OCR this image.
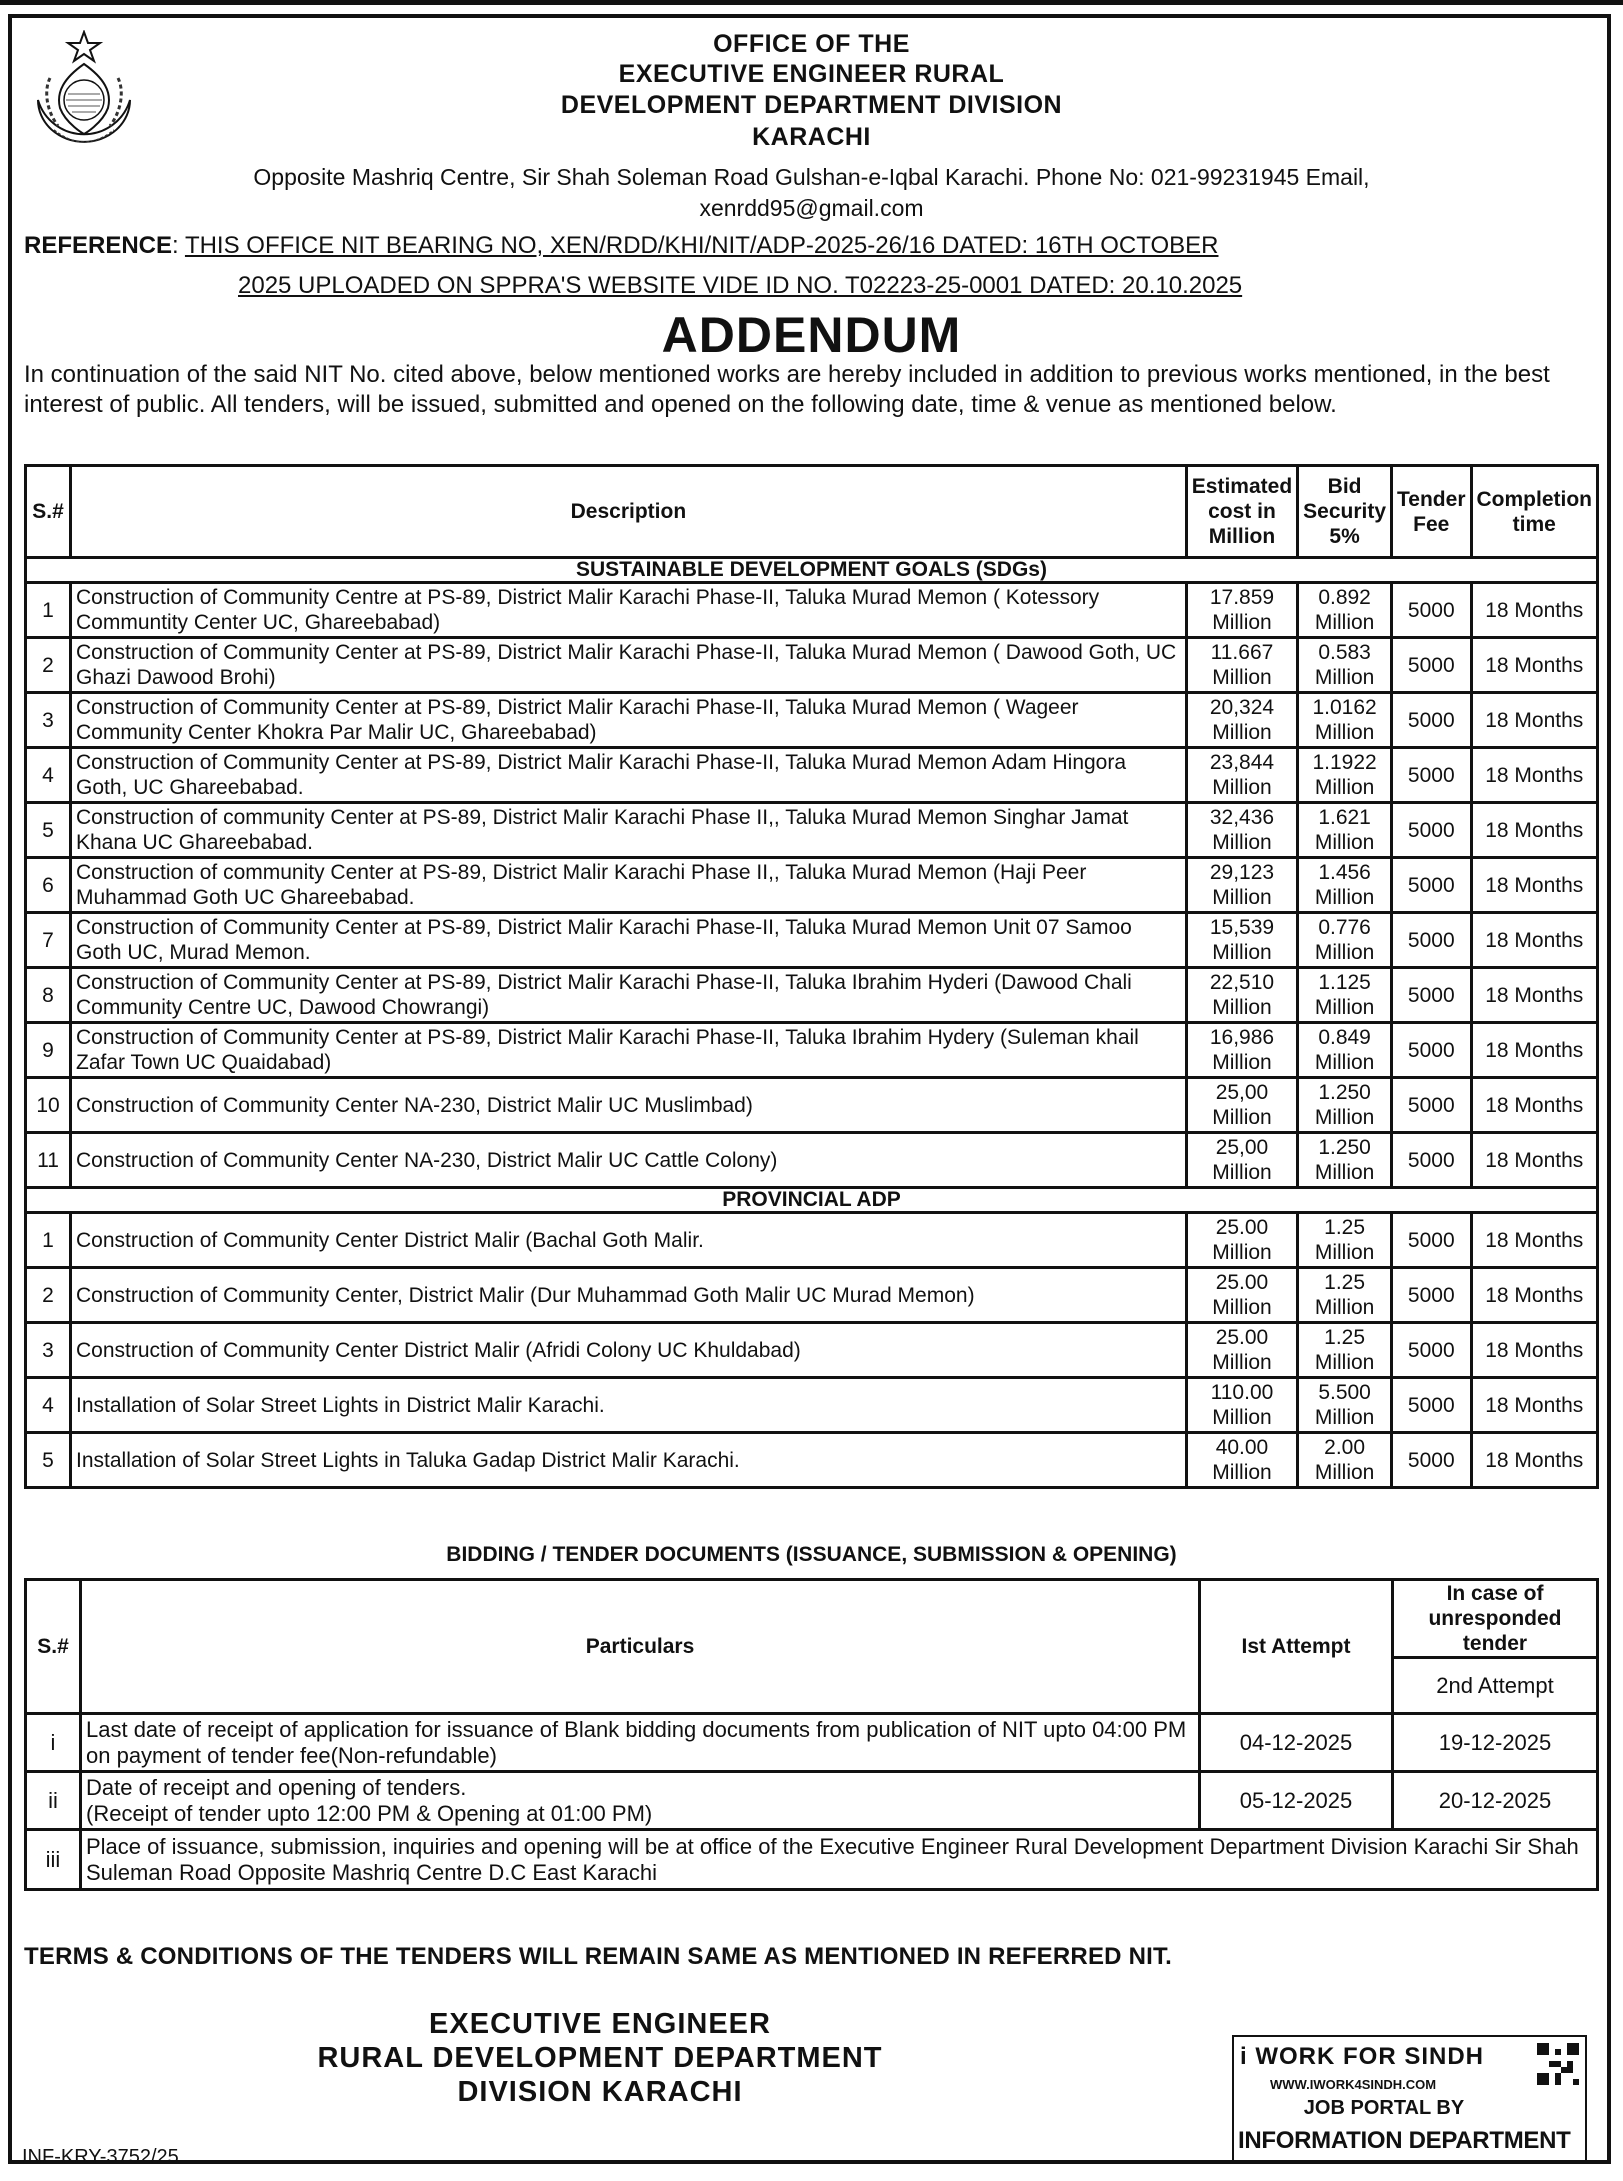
OFFICE OF THE
EXECUTIVE ENGINEER RURAL
DEVELOPMENT DEPARTMENT DIVISION
KARACHI
Opposite Mashriq Centre, Sir Shah Soleman Road Gulshan-e-Iqbal Karachi. Phone No: 021-99231945 Email,
xenrdd95@gmail.com
REFERENCE: THIS OFFICE NIT BEARING NO, XEN/RDD/KHI/NIT/ADP-2025-26/16 DATED: 16TH OCTOBER
2025 UPLOADED ON SPPRA'S WEBSITE VIDE ID NO. T02223-25-0001 DATED: 20.10.2025
ADDENDUM
In continuation of the said NIT No. cited above, below mentioned works are hereby included in addition to previous works mentioned, in the best interest of public. All tenders, will be issued, submitted and opened on the following date, time & venue as mentioned below.
S.#	Description	Estimated cost in Million	Bid Security 5%	Tender Fee	Completion time
SUSTAINABLE DEVELOPMENT GOALS (SDGs)					
1	Construction of Community Centre at PS-89, District Malir Karachi Phase-II, Taluka Murad Memon ( Kotessory Communtity Center UC, Ghareebabad)	17.859 Million	0.892 Million	5000	18 Months
2	Construction of Community Center at PS-89, District Malir Karachi Phase-II, Taluka Murad Memon ( Dawood Goth, UC Ghazi Dawood Brohi)	11.667 Million	0.583 Million	5000	18 Months
3	Construction of Community Center at PS-89, District Malir Karachi Phase-II, Taluka Murad Memon ( Wageer Community Center Khokra Par Malir UC, Ghareebabad)	20,324 Million	1.0162 Million	5000	18 Months
4	Construction of Community Center at PS-89, District Malir Karachi Phase-II, Taluka Murad Memon Adam Hingora Goth, UC Ghareebabad.	23,844 Million	1.1922 Million	5000	18 Months
5	Construction of community Center at PS-89, District Malir Karachi Phase II,, Taluka Murad Memon Singhar Jamat Khana UC Ghareebabad.	32,436 Million	1.621 Million	5000	18 Months
6	Construction of community Center at PS-89, District Malir Karachi Phase II,, Taluka Murad Memon (Haji Peer Muhammad Goth UC Ghareebabad.	29,123 Million	1.456 Million	5000	18 Months
7	Construction of Community Center at PS-89, District Malir Karachi Phase-II, Taluka Murad Memon Unit 07 Samoo Goth UC, Murad Memon.	15,539 Million	0.776 Million	5000	18 Months
8	Construction of Community Center at PS-89, District Malir Karachi Phase-II, Taluka Ibrahim Hyderi (Dawood Chali Community Centre UC, Dawood Chowrangi)	22,510 Million	1.125 Million	5000	18 Months
9	Construction of Community Center at PS-89, District Malir Karachi Phase-II, Taluka Ibrahim Hydery (Suleman khail Zafar Town UC Quaidabad)	16,986 Million	0.849 Million	5000	18 Months
10	Construction of Community Center NA-230, District Malir UC Muslimbad)	25,00 Million	1.250 Million	5000	18 Months
11	Construction of Community Center NA-230, District Malir UC Cattle Colony)	25,00 Million	1.250 Million	5000	18 Months
PROVINCIAL ADP					
1	Construction of Community Center District Malir (Bachal Goth Malir.	25.00 Million	1.25 Million	5000	18 Months
2	Construction of Community Center, District Malir (Dur Muhammad Goth Malir UC Murad Memon)	25.00 Million	1.25 Million	5000	18 Months
3	Construction of Community Center District Malir (Afridi Colony UC Khuldabad)	25.00 Million	1.25 Million	5000	18 Months
4	Installation of Solar Street Lights in District Malir Karachi.	110.00 Million	5.500 Million	5000	18 Months
5	Installation of Solar Street Lights in Taluka Gadap District Malir Karachi.	40.00 Million	2.00 Million	5000	18 Months
BIDDING / TENDER DOCUMENTS (ISSUANCE, SUBMISSION & OPENING)
S.#	Particulars	Ist Attempt	In case of unresponded tender
			2nd Attempt
i	Last date of receipt of application for issuance of Blank bidding documents from publication of NIT upto 04:00 PM on payment of tender fee(Non-refundable)	04-12-2025	19-12-2025
ii	Date of receipt and opening of tenders.
(Receipt of tender upto 12:00 PM & Opening at 01:00 PM)	05-12-2025	20-12-2025
iii	Place of issuance, submission, inquiries and opening will be at office of the Executive Engineer Rural Development Department Division Karachi Sir Shah Suleman Road Opposite Mashriq Centre D.C East Karachi		
TERMS & CONDITIONS OF THE TENDERS WILL REMAIN SAME AS MENTIONED IN REFERRED NIT.
EXECUTIVE ENGINEER
RURAL DEVELOPMENT DEPARTMENT
DIVISION KARACHI
INF-KRY-3752/25
i WORK FOR SINDH
WWW.IWORK4SINDH.COM
JOB PORTAL BY
INFORMATION DEPARTMENT
